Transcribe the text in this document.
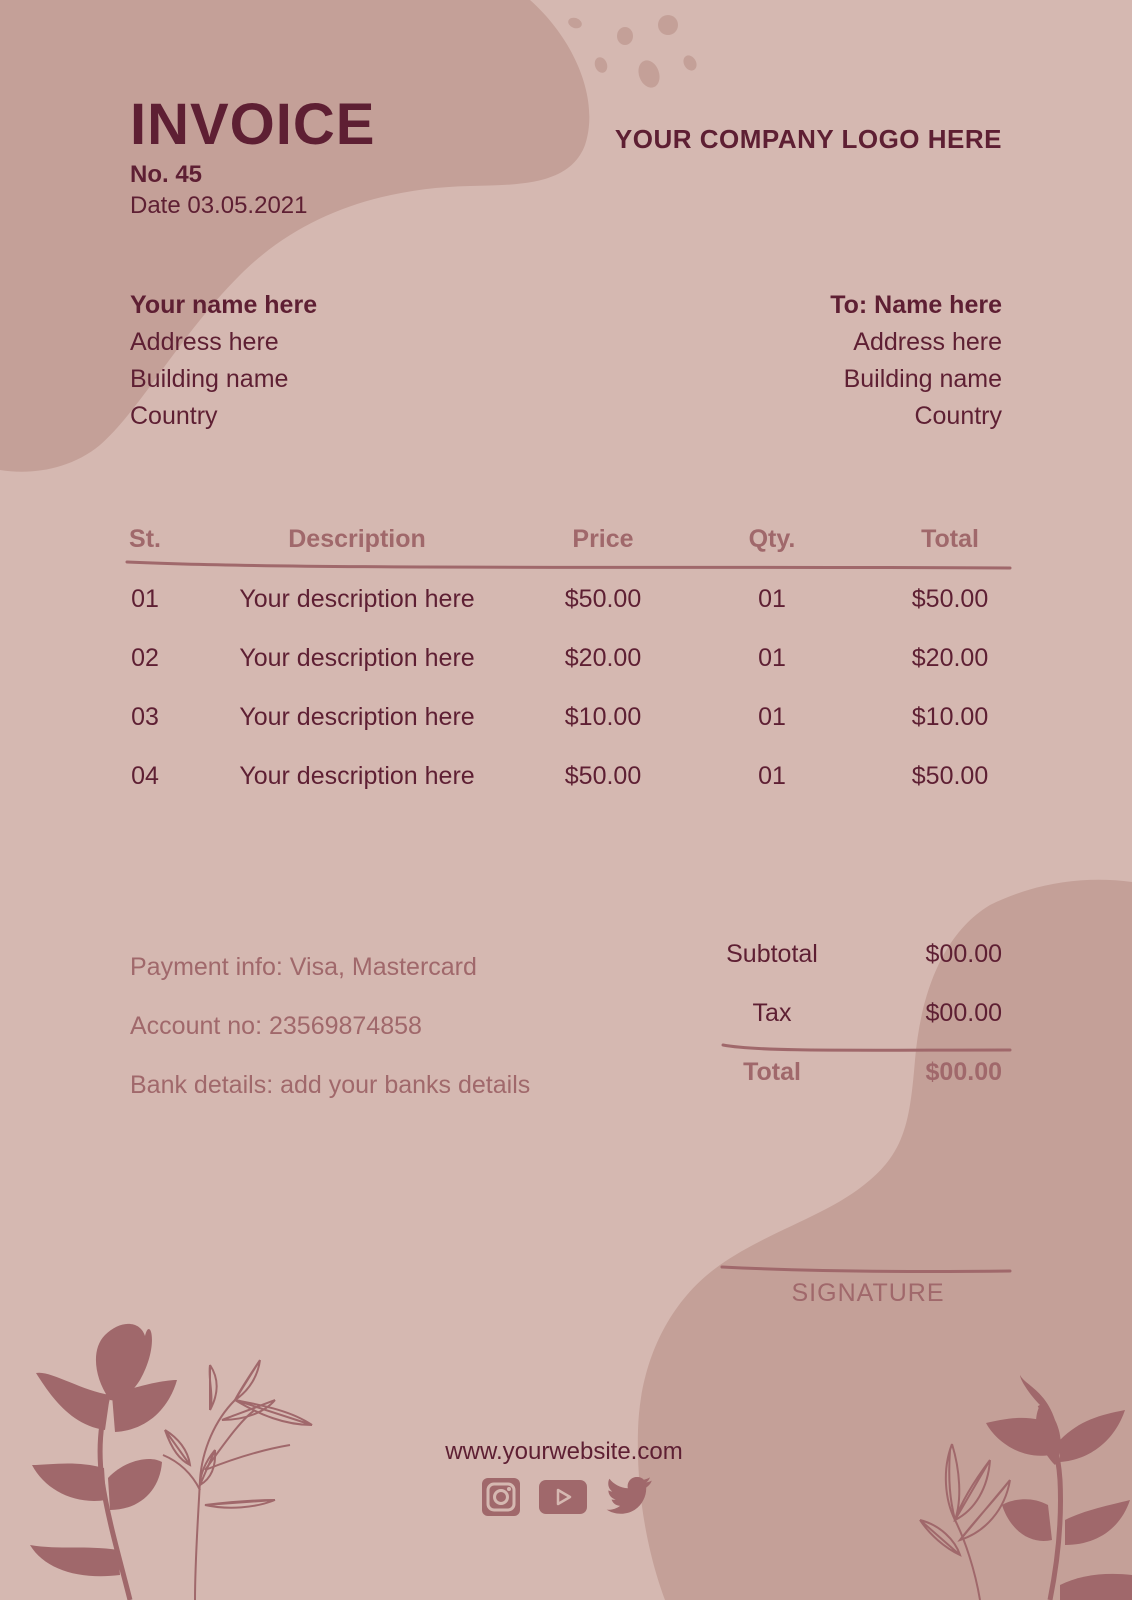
INVOICE
No. 45
Date 03.05.2021
YOUR COMPANY LOGO HERE
Your name here
Address here
Building name
Country
To: Name here
Address here
Building name
Country
St.	Description	Price	Qty.	Total
01	Your description here	$50.00	01	$50.00
02	Your description here	$20.00	01	$20.00
03	Your description here	$10.00	01	$10.00
04	Your description here	$50.00	01	$50.00
Payment info: Visa, Mastercard
Account no: 23569874858
Bank details: add your banks details
Subtotal	$00.00
Tax	$00.00
Total	$00.00
SIGNATURE
www.yourwebsite.com
